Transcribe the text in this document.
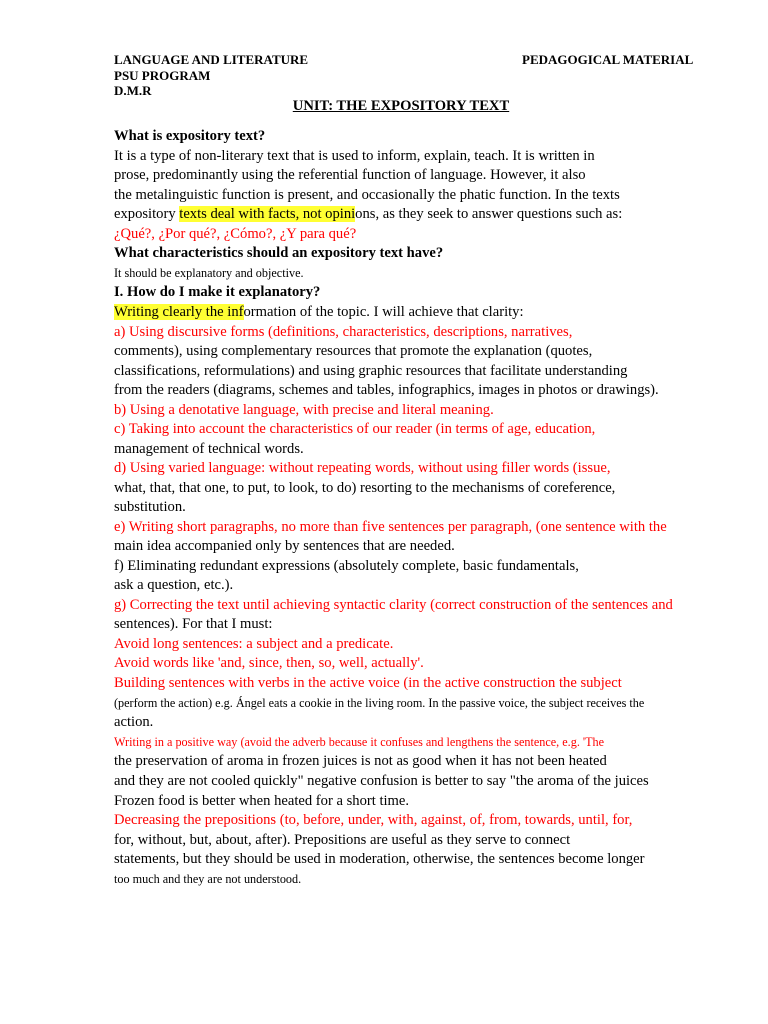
LANGUAGE AND LITERATURE	PEDAGOGICAL MATERIAL
PSU PROGRAM
D.M.R
UNIT: THE EXPOSITORY TEXT
What is expository text?
It is a type of non-literary text that is used to inform, explain, teach. It is written in
prose, predominantly using the referential function of language. However, it also
the metalinguistic function is present, and occasionally the phatic function. In the texts
expository texts deal with facts, not opinions, as they seek to answer questions such as:
¿Qué?, ¿Por qué?, ¿Cómo?, ¿Y para qué?
What characteristics should an expository text have?
It should be explanatory and objective.
I. How do I make it explanatory?
Writing clearly the information of the topic. I will achieve that clarity:
a) Using discursive forms (definitions, characteristics, descriptions, narratives,
comments), using complementary resources that promote the explanation (quotes,
classifications, reformulations) and using graphic resources that facilitate understanding
from the readers (diagrams, schemes and tables, infographics, images in photos or drawings).
b) Using a denotative language, with precise and literal meaning.
c) Taking into account the characteristics of our reader (in terms of age, education,
management of technical words.
d) Using varied language: without repeating words, without using filler words (issue,
what, that, that one, to put, to look, to do) resorting to the mechanisms of coreference,
substitution.
e) Writing short paragraphs, no more than five sentences per paragraph, (one sentence with the
main idea accompanied only by sentences that are needed.
f) Eliminating redundant expressions (absolutely complete, basic fundamentals,
ask a question, etc.).
g) Correcting the text until achieving syntactic clarity (correct construction of the sentences and
sentences). For that I must:
Avoid long sentences: a subject and a predicate.
Avoid words like 'and, since, then, so, well, actually'.
Building sentences with verbs in the active voice (in the active construction the subject
(perform the action) e.g. Ángel eats a cookie in the living room. In the passive voice, the subject receives the
action.
Writing in a positive way (avoid the adverb because it confuses and lengthens the sentence, e.g. 'The
the preservation of aroma in frozen juices is not as good when it has not been heated
and they are not cooled quickly" negative confusion is better to say "the aroma of the juices
Frozen food is better when heated for a short time.
Decreasing the prepositions (to, before, under, with, against, of, from, towards, until, for,
for, without, but, about, after). Prepositions are useful as they serve to connect
statements, but they should be used in moderation, otherwise, the sentences become longer
too much and they are not understood.
